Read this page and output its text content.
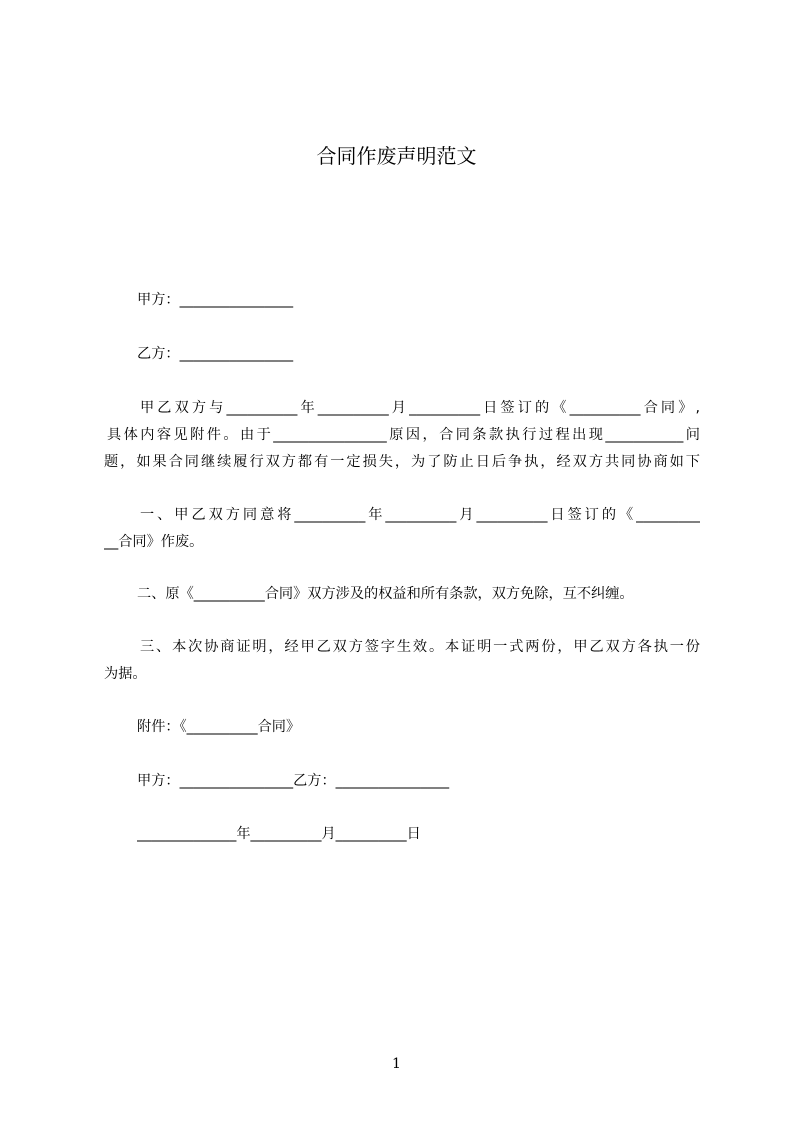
合同作废声明范文
甲方：________________
乙方：________________
甲乙双方与__________年__________月__________日签订的《__________合同》,
具体内容见附件。由于________________原因，合同条款执行过程出现___________问
题，如果合同继续履行双方都有一定损失，为了防止日后争执，经双方共同协商如下
一、甲乙双方同意将__________年__________月__________日签订的《_________
__合同》作废。
二、原《__________合同》双方涉及的权益和所有条款，双方免除，互不纠缠。
三、本次协商证明，经甲乙双方签字生效。本证明一式两份，甲乙双方各执一份
为据。
附件：《__________合同》
甲方：________________乙方：________________
______________年__________月__________日
1
